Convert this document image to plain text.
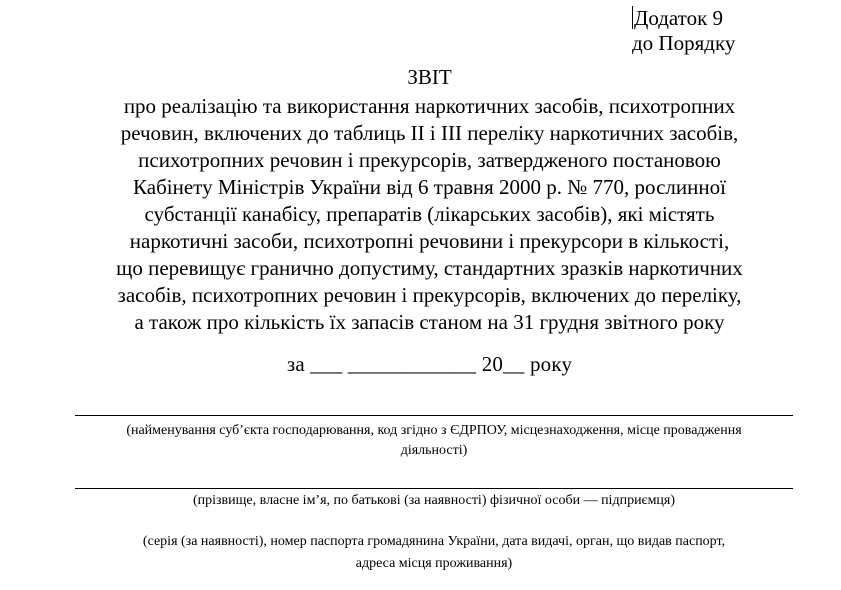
Додаток 9
до Порядку
ЗВІТ
про реалізацію та використання наркотичних засобів, психотропних
речовин, включених до таблиць II і III переліку наркотичних засобів,
психотропних речовин і прекурсорів, затвердженого постановою
Кабінету Міністрів України від 6 травня 2000 р. № 770, рослинної
субстанції канабісу, препаратів (лікарських засобів), які містять
наркотичні засоби, психотропні речовини і прекурсори в кількості,
що перевищує гранично допустиму, стандартних зразків наркотичних
засобів, психотропних речовин і прекурсорів, включених до переліку,
а також про кількість їх запасів станом на 31 грудня звітного року
за ___ ____________ 20__ року
(найменування суб’єкта господарювання, код згідно з ЄДРПОУ, місцезнаходження, місце провадження
діяльності)
(прізвище, власне ім’я, по батькові (за наявності) фізичної особи — підприємця)
(серія (за наявності), номер паспорта громадянина України, дата видачі, орган, що видав паспорт,
адреса місця проживання)
